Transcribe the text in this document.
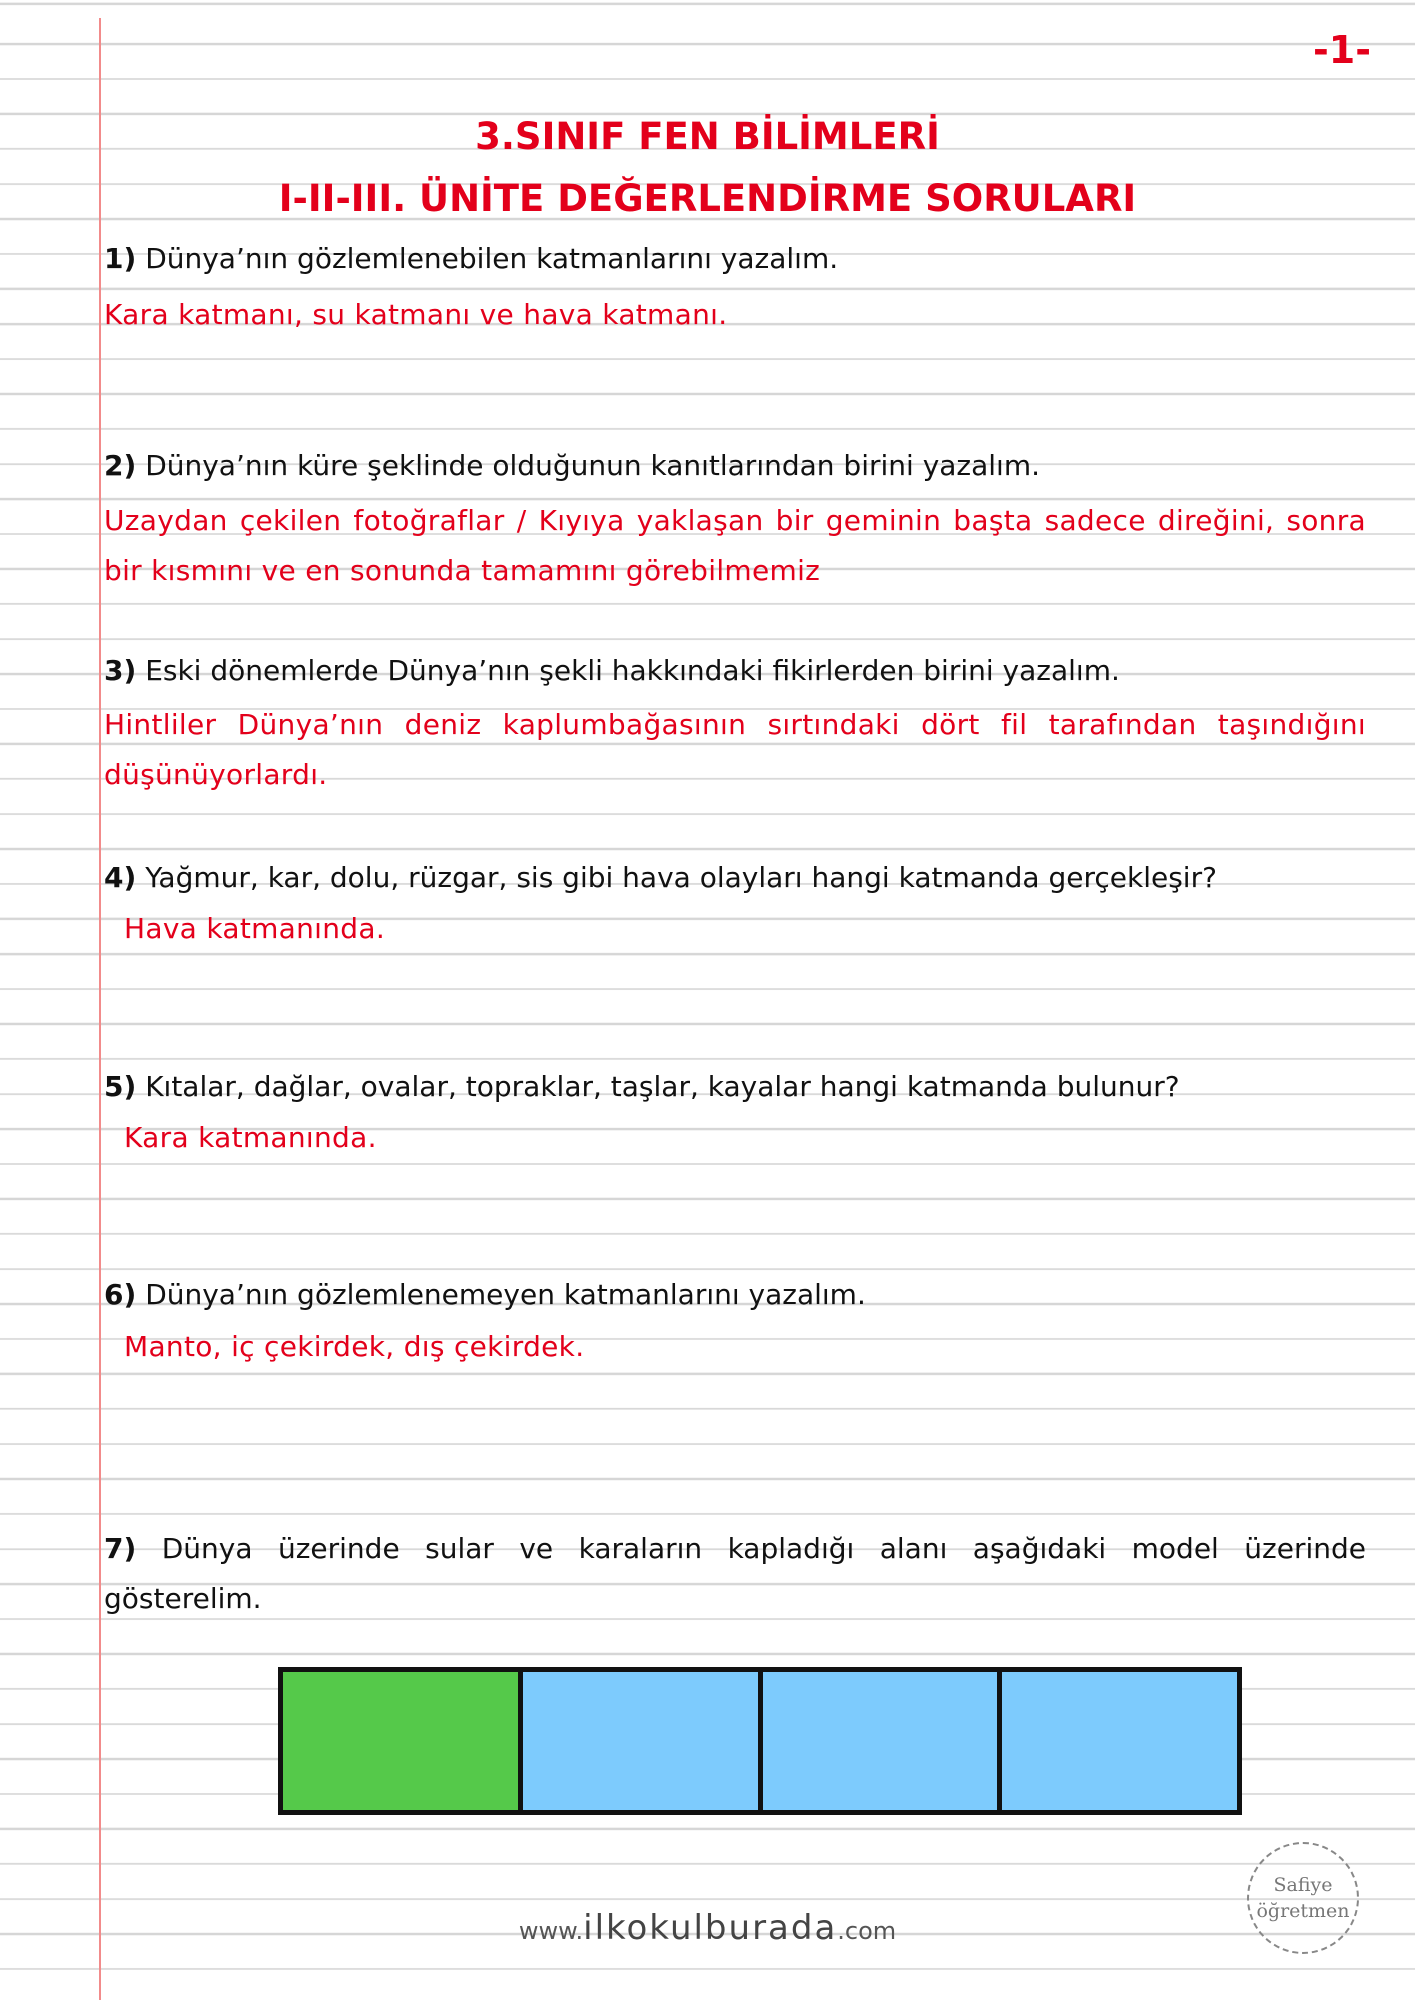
-1-
3.SINIF FEN BİLİMLERİ
I-II-III. ÜNİTE DEĞERLENDİRME SORULARI
1) Dünya’nın gözlemlenebilen katmanlarını yazalım.
Kara katmanı, su katmanı ve hava katmanı.
2) Dünya’nın küre şeklinde olduğunun kanıtlarından birini yazalım.
Uzaydan çekilen fotoğraflar / Kıyıya yaklaşan bir geminin başta sadece direğini, sonra bir kısmını ve en sonunda tamamını görebilmemiz
3) Eski dönemlerde Dünya’nın şekli hakkındaki fikirlerden birini yazalım.
Hintliler Dünya’nın deniz kaplumbağasının sırtındaki dört fil tarafından taşındığını düşünüyorlardı.
4) Yağmur, kar, dolu, rüzgar, sis gibi hava olayları hangi katmanda gerçekleşir?
Hava katmanında.
5) Kıtalar, dağlar, ovalar, topraklar, taşlar, kayalar hangi katmanda bulunur?
Kara katmanında.
6) Dünya’nın gözlemlenemeyen katmanlarını yazalım.
Manto, iç çekirdek, dış çekirdek.
7) Dünya üzerinde sular ve karaların kapladığı alanı aşağıdaki model üzerinde gösterelim.
www.ilkokulburada.com
Safiye
öğretmen
